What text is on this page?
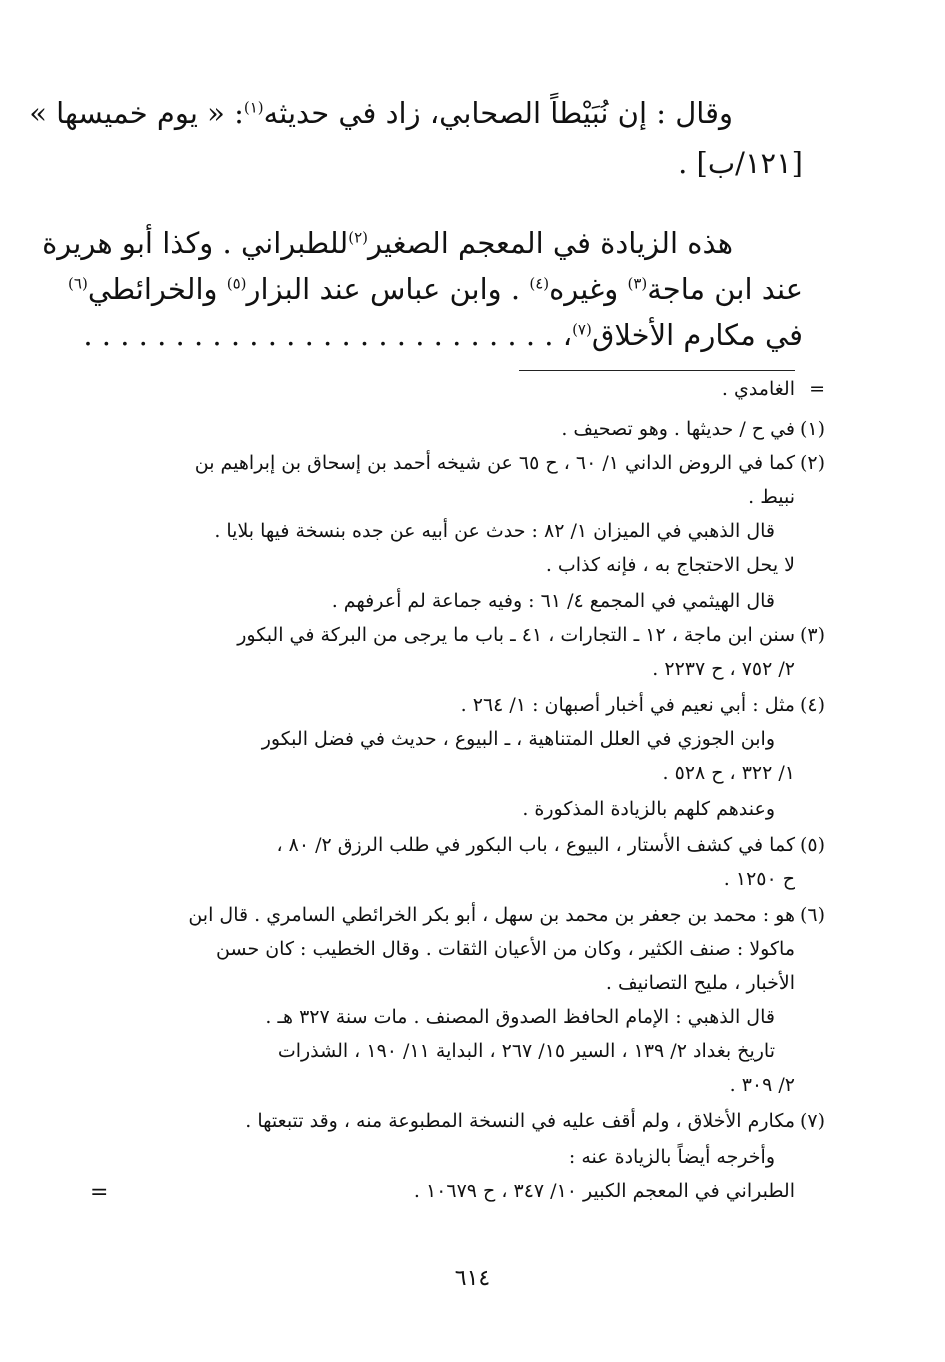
وقال : إن نُبَيْطاً الصحابي، زاد في حديثه$^{(١)}$: « يوم خميسها »
[١٢١/ب] .
هذه الزيادة في المعجم الصغير$^{(٢)}$للطبراني . وكذا أبو هريرة
عند ابن ماجة$^{(٣)}$ وغيره$^{(٤)}$ . وابن عباس عند البزار$^{(٥)}$ والخرائطي$^{(٦)}$
في مكارم الأخلاق$^{(٧)}$، . . . . . . . . . . . . . . . . . . . . . . . . . .
=
الغامدي .
(١)
في ح / حديثها . وهو تصحيف .
(٢)
كما في الروض الداني ١/ ٦٠ ، ح ٦٥ عن شيخه أحمد بن إسحاق بن إبراهيم بن
نبيط .
قال الذهبي في الميزان ١/ ٨٢ : حدث عن أبيه عن جده بنسخة فيها بلايا .
لا يحل الاحتجاج به ، فإنه كذاب .
قال الهيثمي في المجمع ٤/ ٦١ : وفيه جماعة لم أعرفهم .
(٣)
سنن ابن ماجة ، ١٢ ـ التجارات ، ٤١ ـ باب ما يرجى من البركة في البكور
٢/ ٧٥٢ ، ح ٢٢٣٧ .
(٤)
مثل : أبي نعيم في أخبار أصبهان : ١/ ٢٦٤ .
وابن الجوزي في العلل المتناهية ، ـ البيوع ، حديث في فضل البكور
١/ ٣٢٢ ، ح ٥٢٨ .
وعندهم كلهم بالزيادة المذكورة .
(٥)
كما في كشف الأستار ، البيوع ، باب البكور في طلب الرزق ٢/ ٨٠ ،
ح ١٢٥٠ .
(٦)
هو : محمد بن جعفر بن محمد بن سهل ، أبو بكر الخرائطي السامري . قال ابن
ماكولا : صنف الكثير ، وكان من الأعيان الثقات . وقال الخطيب : كان حسن
الأخبار ، مليح التصانيف .
قال الذهبي : الإمام الحافظ الصدوق المصنف . مات سنة ٣٢٧ هـ .
تاريخ بغداد ٢/ ١٣٩ ، السير ١٥/ ٢٦٧ ، البداية ١١/ ١٩٠ ، الشذرات
٢/ ٣٠٩ .
(٧)
مكارم الأخلاق ، ولم أقف عليه في النسخة المطبوعة منه ، وقد تتبعتها .
وأخرجه أيضاً بالزيادة عنه :
الطبراني في المعجم الكبير ١٠/ ٣٤٧ ، ح ١٠٦٧٩ .
=
٦١٤
